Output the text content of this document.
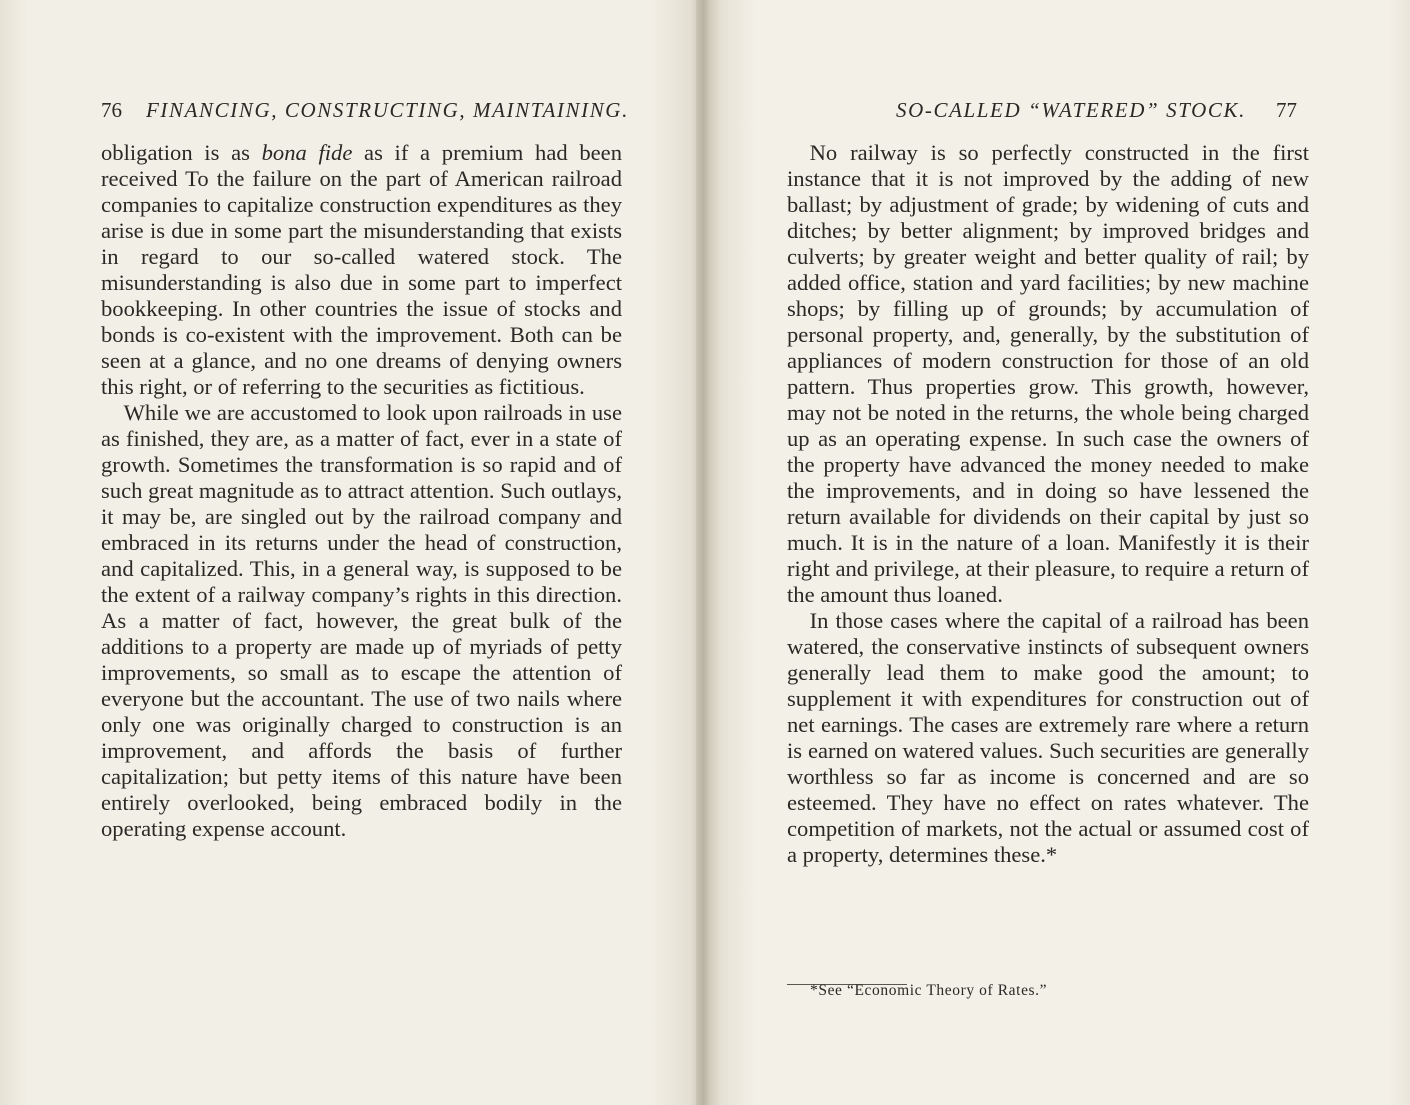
76 FINANCING, CONSTRUCTING, MAINTAINING.

obligation is as bona fide as if a premium had been received To the failure on the part of American railroad companies to capitalize construction expenditures as they arise is due in some part the misunderstanding that exists in regard to our so-called watered stock. The misunderstanding is also due in some part to imperfect bookkeeping. In other countries the issue of stocks and bonds is co-existent with the improvement. Both can be seen at a glance, and no one dreams of denying owners this right, or of referring to the securities as fictitious.

While we are accustomed to look upon railroads in use as finished, they are, as a matter of fact, ever in a state of growth. Sometimes the transformation is so rapid and of such great magnitude as to attract attention. Such outlays, it may be, are singled out by the railroad company and embraced in its returns under the head of construction, and capitalized. This, in a general way, is supposed to be the extent of a railway company’s rights in this direction. As a matter of fact, however, the great bulk of the additions to a property are made up of myriads of petty improvements, so small as to escape the attention of everyone but the accountant. The use of two nails where only one was originally charged to construction is an improvement, and affords the basis of further capitalization; but petty items of this nature have been entirely overlooked, being embraced bodily in the operating expense account.

SO-CALLED “WATERED” STOCK. 77

No railway is so perfectly constructed in the first instance that it is not improved by the adding of new ballast; by adjustment of grade; by widening of cuts and ditches; by better alignment; by improved bridges and culverts; by greater weight and better quality of rail; by added office, station and yard facilities; by new machine shops; by filling up of grounds; by accumulation of personal property, and, generally, by the substitution of appliances of modern construction for those of an old pattern. Thus properties grow. This growth, however, may not be noted in the returns, the whole being charged up as an operating expense. In such case the owners of the property have advanced the money needed to make the improvements, and in doing so have lessened the return available for dividends on their capital by just so much. It is in the nature of a loan. Manifestly it is their right and privilege, at their pleasure, to require a return of the amount thus loaned.

In those cases where the capital of a railroad has been watered, the conservative instincts of subsequent owners generally lead them to make good the amount; to supplement it with expenditures for construction out of net earnings. The cases are extremely rare where a return is earned on watered values. Such securities are generally worthless so far as income is concerned and are so esteemed. They have no effect on rates whatever. The competition of markets, not the actual or assumed cost of a property, determines these.*

*See “Economic Theory of Rates.”
